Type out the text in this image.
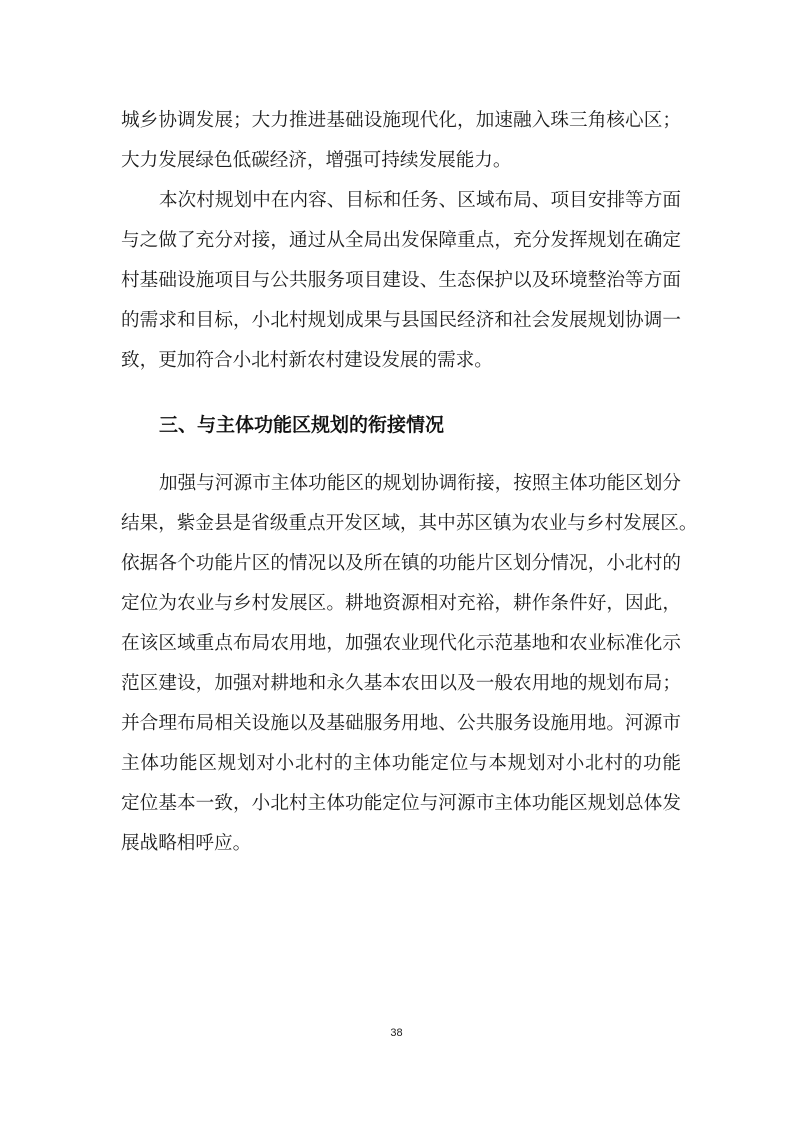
城乡协调发展；大力推进基础设施现代化，加速融入珠三角核心区；
大力发展绿色低碳经济，增强可持续发展能力。
本次村规划中在内容、目标和任务、区域布局、项目安排等方面
与之做了充分对接，通过从全局出发保障重点，充分发挥规划在确定
村基础设施项目与公共服务项目建设、生态保护以及环境整治等方面
的需求和目标，小北村规划成果与县国民经济和社会发展规划协调一
致，更加符合小北村新农村建设发展的需求。
三、与主体功能区规划的衔接情况
加强与河源市主体功能区的规划协调衔接，按照主体功能区划分
结果，紫金县是省级重点开发区域，其中苏区镇为农业与乡村发展区。
依据各个功能片区的情况以及所在镇的功能片区划分情况，小北村的
定位为农业与乡村发展区。耕地资源相对充裕，耕作条件好，因此，
在该区域重点布局农用地，加强农业现代化示范基地和农业标准化示
范区建设，加强对耕地和永久基本农田以及一般农用地的规划布局；
并合理布局相关设施以及基础服务用地、公共服务设施用地。河源市
主体功能区规划对小北村的主体功能定位与本规划对小北村的功能
定位基本一致，小北村主体功能定位与河源市主体功能区规划总体发
展战略相呼应。
38
